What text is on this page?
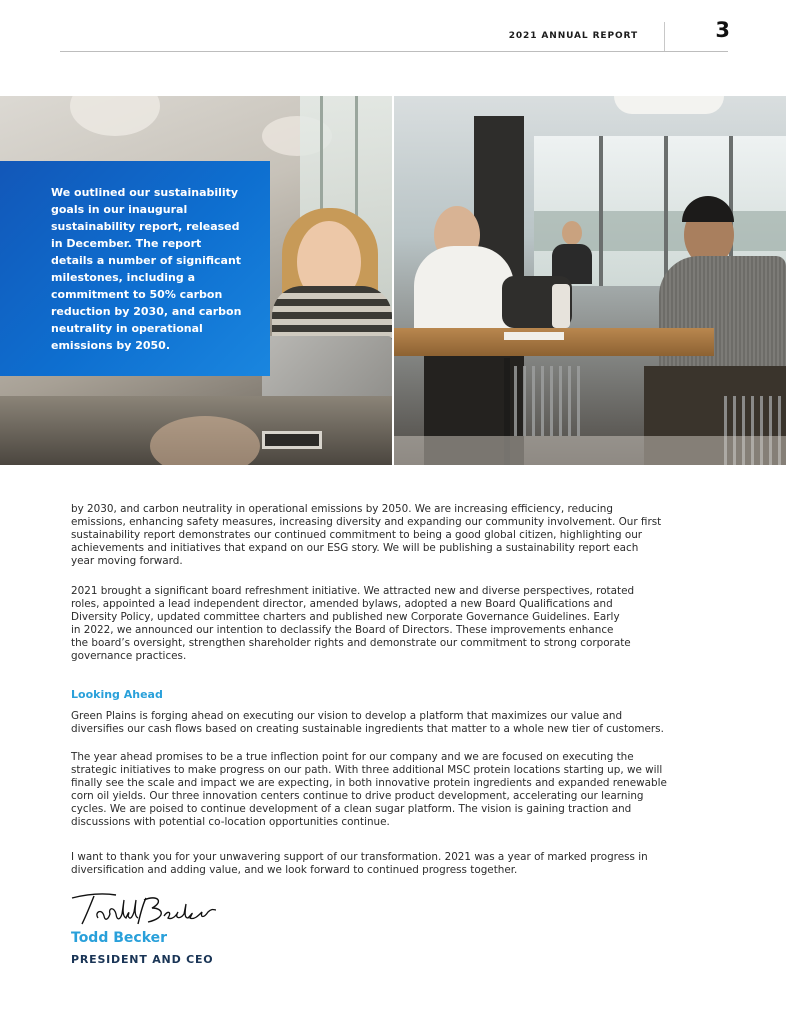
2021 ANNUAL REPORT	3
We outlined our sustainability
goals in our inaugural
sustainability report, released
in December. The report
details a number of significant
milestones, including a
commitment to 50% carbon
reduction by 2030, and carbon
neutrality in operational
emissions by 2050.
by 2030, and carbon neutrality in operational emissions by 2050. We are increasing efficiency, reducing
emissions, enhancing safety measures, increasing diversity and expanding our community involvement. Our first
sustainability report demonstrates our continued commitment to being a good global citizen, highlighting our
achievements and initiatives that expand on our ESG story. We will be publishing a sustainability report each
year moving forward.
2021 brought a significant board refreshment initiative. We attracted new and diverse perspectives, rotated
roles, appointed a lead independent director, amended bylaws, adopted a new Board Qualifications and
Diversity Policy, updated committee charters and published new Corporate Governance Guidelines. Early
in 2022, we announced our intention to declassify the Board of Directors. These improvements enhance
the board’s oversight, strengthen shareholder rights and demonstrate our commitment to strong corporate
governance practices.
Looking Ahead
Green Plains is forging ahead on executing our vision to develop a platform that maximizes our value and
diversifies our cash flows based on creating sustainable ingredients that matter to a whole new tier of customers.
The year ahead promises to be a true inflection point for our company and we are focused on executing the
strategic initiatives to make progress on our path. With three additional MSC protein locations starting up, we will
finally see the scale and impact we are expecting, in both innovative protein ingredients and expanded renewable
corn oil yields. Our three innovation centers continue to drive product development, accelerating our learning
cycles. We are poised to continue development of a clean sugar platform. The vision is gaining traction and
discussions with potential co-location opportunities continue.
I want to thank you for your unwavering support of our transformation. 2021 was a year of marked progress in
diversification and adding value, and we look forward to continued progress together.
Todd Becker
PRESIDENT AND CEO
